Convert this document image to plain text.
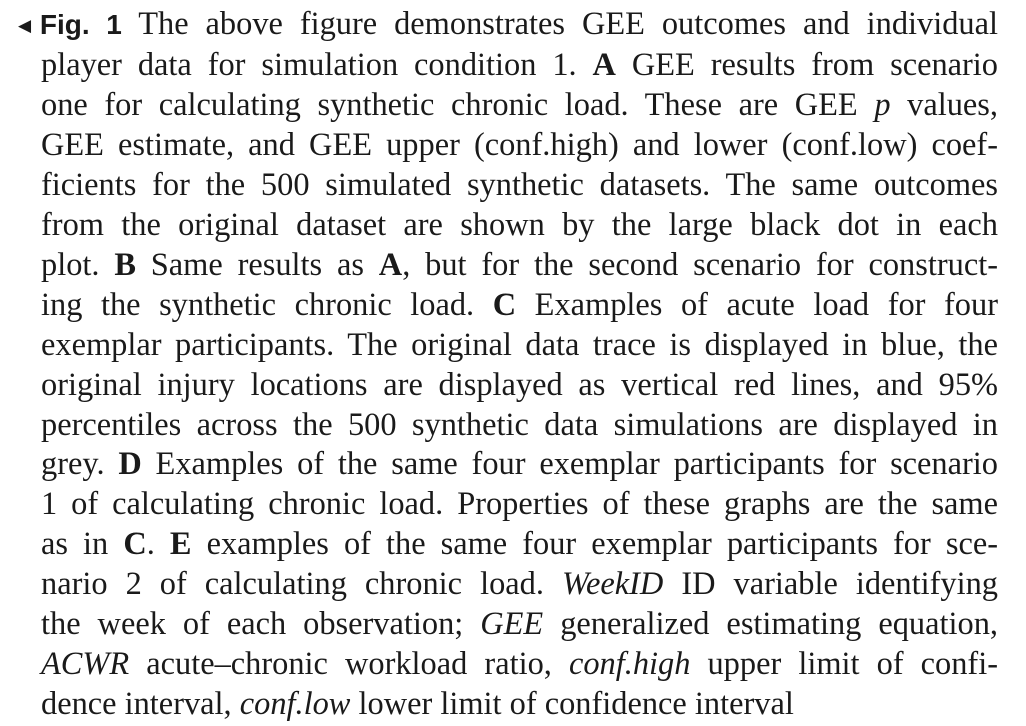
◀Fig. 1 The above figure demonstrates GEE outcomes and individual
player data for simulation condition 1. A GEE results from scenario
one for calculating synthetic chronic load. These are GEE p values,
GEE estimate, and GEE upper (conf.high) and lower (conf.low) coef-
ficients for the 500 simulated synthetic datasets. The same outcomes
from the original dataset are shown by the large black dot in each
plot. B Same results as A, but for the second scenario for construct-
ing the synthetic chronic load. C Examples of acute load for four
exemplar participants. The original data trace is displayed in blue, the
original injury locations are displayed as vertical red lines, and 95%
percentiles across the 500 synthetic data simulations are displayed in
grey. D Examples of the same four exemplar participants for scenario
1 of calculating chronic load. Properties of these graphs are the same
as in C. E examples of the same four exemplar participants for sce-
nario 2 of calculating chronic load. WeekID ID variable identifying
the week of each observation; GEE generalized estimating equation,
ACWR acute–chronic workload ratio, conf.high upper limit of confi-
dence interval, conf.low lower limit of confidence interval
